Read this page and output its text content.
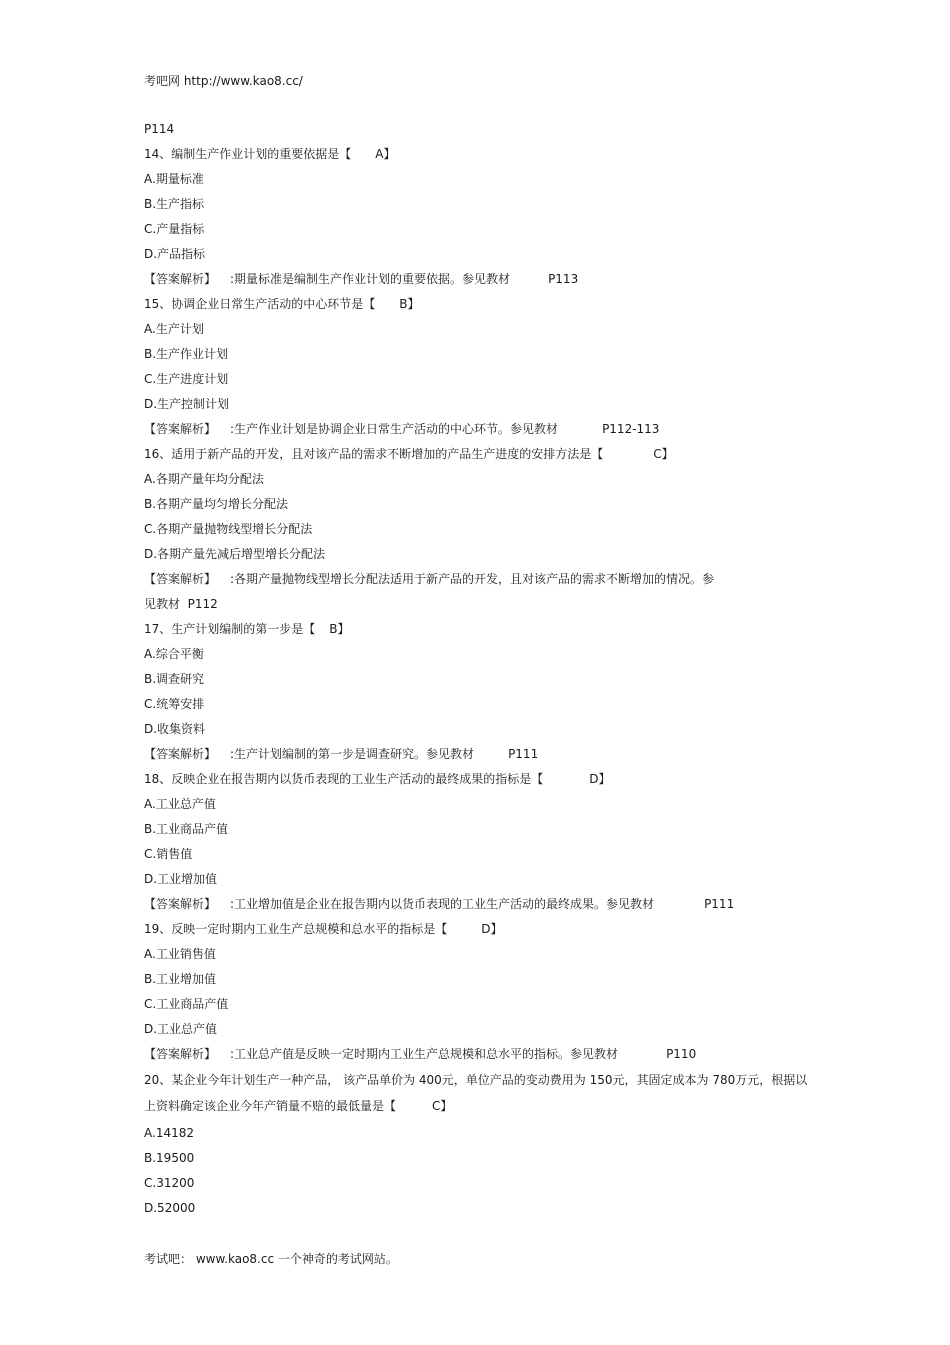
考吧网 http://www.kao8.cc/
P114
14、编制生产作业计划的重要依据是【 A】
A.期量标准
B.生产指标
C.产量指标
D.产品指标
【答案解析】 :期量标准是编制生产作业计划的重要依据。参见教材	P113
15、协调企业日常生产活动的中心环节是【 B】
A.生产计划
B.生产作业计划
C.生产进度计划
D.生产控制计划
【答案解析】 :生产作业计划是协调企业日常生产活动的中心环节。参见教材	P112-113
16、适用于新产品的开发，且对该产品的需求不断增加的产品生产进度的安排方法是【	C】
A.各期产量年均分配法
B.各期产量均匀增长分配法
C.各期产量抛物线型增长分配法
D.各期产量先减后增型增长分配法
【答案解析】 :各期产量抛物线型增长分配法适用于新产品的开发，且对该产品的需求不断增加的情况。参
见教材  P112
17、生产计划编制的第一步是【 B】
A.综合平衡
B.调查研究
C.统筹安排
D.收集资料
【答案解析】 :生产计划编制的第一步是调查研究。参见教材	P111
18、反映企业在报告期内以货币表现的工业生产活动的最终成果的指标是【	D】
A.工业总产值
B.工业商品产值
C.销售值
D.工业增加值
【答案解析】 :工业增加值是企业在报告期内以货币表现的工业生产活动的最终成果。参见教材	P111
19、反映一定时期内工业生产总规模和总水平的指标是【	D】
A.工业销售值
B.工业增加值
C.工业商品产值
D.工业总产值
【答案解析】 :工业总产值是反映一定时期内工业生产总规模和总水平的指标。参见教材	P110
20、某企业今年计划生产一种产品， 该产品单价为 400元，单位产品的变动费用为 150元，其固定成本为 780万元，根据以上资料确定该企业今年产销量不赔的最低量是【	C】
A.14182
B.19500
C.31200
D.52000
考试吧： www.kao8.cc 一个神奇的考试网站。
